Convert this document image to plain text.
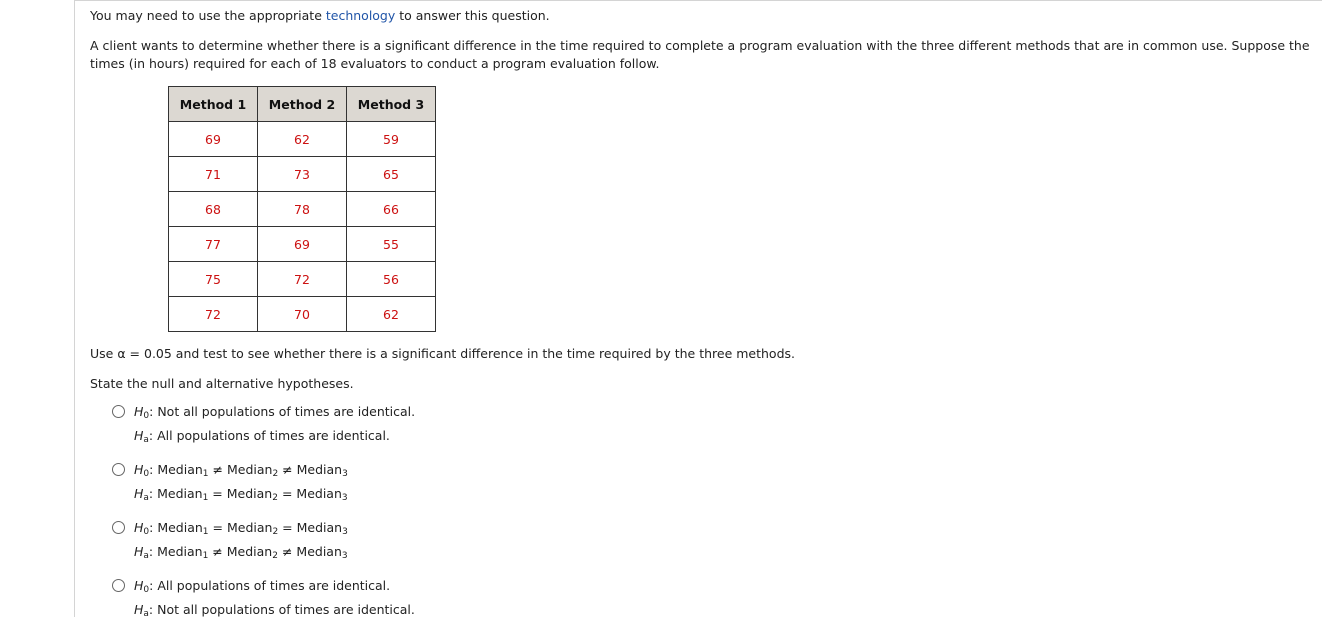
You may need to use the appropriate technology to answer this question.

A client wants to determine whether there is a significant difference in the time required to complete a program evaluation with the three different methods that are in common use. Suppose the times (in hours) required for each of 18 evaluators to conduct a program evaluation follow.

Method 1	Method 2	Method 3
69	62	59
71	73	65
68	78	66
77	69	55
75	72	56
72	70	62

Use α = 0.05 and test to see whether there is a significant difference in the time required by the three methods.

State the null and alternative hypotheses.

$H_0$: Not all populations of times are identical.

$H_a$: All populations of times are identical.

$H_0$: Median$_1$ ≠ Median$_2$ ≠ Median$_3$

$H_a$: Median$_1$ = Median$_2$ = Median$_3$

$H_0$: Median$_1$ = Median$_2$ = Median$_3$

$H_a$: Median$_1$ ≠ Median$_2$ ≠ Median$_3$

$H_0$: All populations of times are identical.

$H_a$: Not all populations of times are identical.
